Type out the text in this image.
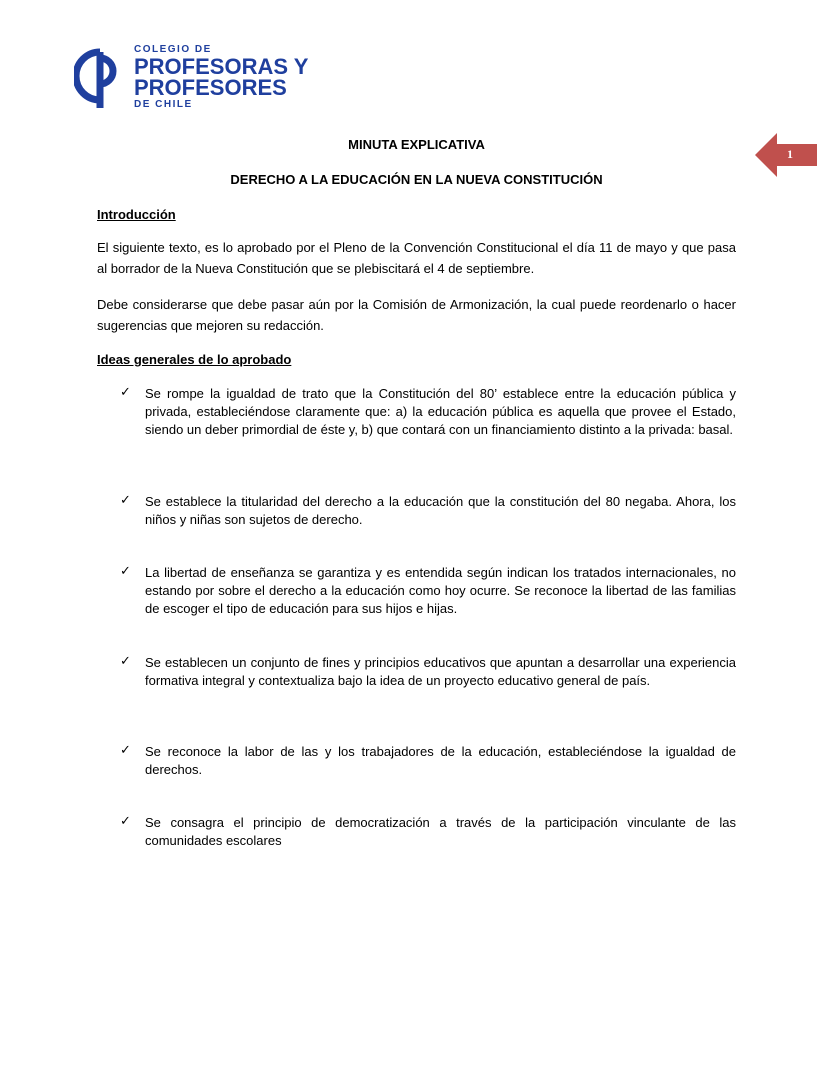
COLEGIO DE
PROFESORAS Y
PROFESORES
DE CHILE
1
MINUTA EXPLICATIVA
DERECHO A LA EDUCACIÓN EN LA NUEVA CONSTITUCIÓN
Introducción
El siguiente texto, es lo aprobado por el Pleno de la Convención Constitucional el día 11 de mayo y que pasa al borrador de la Nueva Constitución que se plebiscitará el 4 de septiembre.
Debe considerarse que debe pasar aún por la Comisión de Armonización, la cual puede reordenarlo o hacer sugerencias que mejoren su redacción.
Ideas generales de lo aprobado
✓ Se rompe la igualdad de trato que la Constitución del 80’ establece entre la educación pública y privada, estableciéndose claramente que: a) la educación pública es aquella que provee el Estado, siendo un deber primordial de éste y, b) que contará con un financiamiento distinto a la privada: basal.
✓ Se establece la titularidad del derecho a la educación que la constitución del 80 negaba. Ahora, los niños y niñas son sujetos de derecho.
✓ La libertad de enseñanza se garantiza y es entendida según indican los tratados internacionales, no estando por sobre el derecho a la educación como hoy ocurre. Se reconoce la libertad de las familias de escoger el tipo de educación para sus hijos e hijas.
✓ Se establecen un conjunto de fines y principios educativos que apuntan a desarrollar una experiencia formativa integral y contextualiza bajo la idea de un proyecto educativo general de país.
✓ Se reconoce la labor de las y los trabajadores de la educación, estableciéndose la igualdad de derechos.
✓ Se consagra el principio de democratización a través de la participación vinculante de las comunidades escolares
